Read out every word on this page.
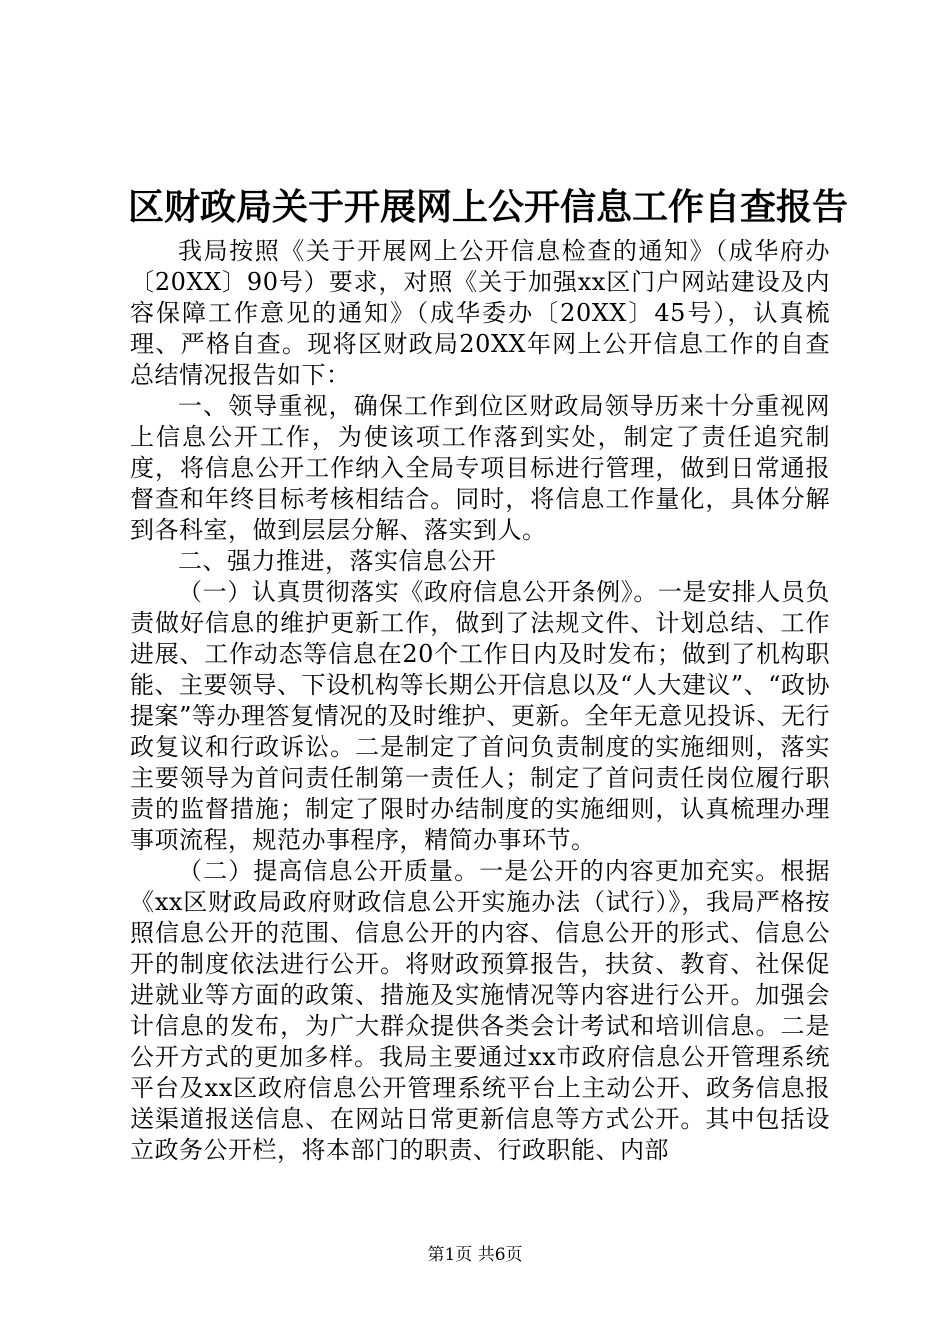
区财政局关于开展网上公开信息工作自查报告

我局按照《关于开展网上公开信息检查的通知》（成华府办〔20XX〕90号）要求，对照《关于加强xx区门户网站建设及内容保障工作意见的通知》（成华委办〔20XX〕45号），认真梳理、严格自查。现将区财政局20XX年网上公开信息工作的自查总结情况报告如下：

一、领导重视，确保工作到位区财政局领导历来十分重视网上信息公开工作，为使该项工作落到实处，制定了责任追究制度，将信息公开工作纳入全局专项目标进行管理，做到日常通报督查和年终目标考核相结合。同时，将信息工作量化，具体分解到各科室，做到层层分解、落实到人。

二、强力推进，落实信息公开

（一）认真贯彻落实《政府信息公开条例》。一是安排人员负责做好信息的维护更新工作，做到了法规文件、计划总结、工作进展、工作动态等信息在20个工作日内及时发布；做到了机构职能、主要领导、下设机构等长期公开信息以及“人大建议”、“政协提案”等办理答复情况的及时维护、更新。全年无意见投诉、无行政复议和行政诉讼。二是制定了首问负责制度的实施细则，落实主要领导为首问责任制第一责任人；制定了首问责任岗位履行职责的监督措施；制定了限时办结制度的实施细则，认真梳理办理事项流程，规范办事程序，精简办事环节。

（二）提高信息公开质量。一是公开的内容更加充实。根据《xx区财政局政府财政信息公开实施办法（试行）》，我局严格按照信息公开的范围、信息公开的内容、信息公开的形式、信息公开的制度依法进行公开。将财政预算报告，扶贫、教育、社保促进就业等方面的政策、措施及实施情况等内容进行公开。加强会计信息的发布，为广大群众提供各类会计考试和培训信息。二是公开方式的更加多样。我局主要通过xx市政府信息公开管理系统平台及xx区政府信息公开管理系统平台上主动公开、政务信息报送渠道报送信息、在网站日常更新信息等方式公开。其中包括设立政务公开栏，将本部门的职责、行政职能、内部

第1页 共6页
